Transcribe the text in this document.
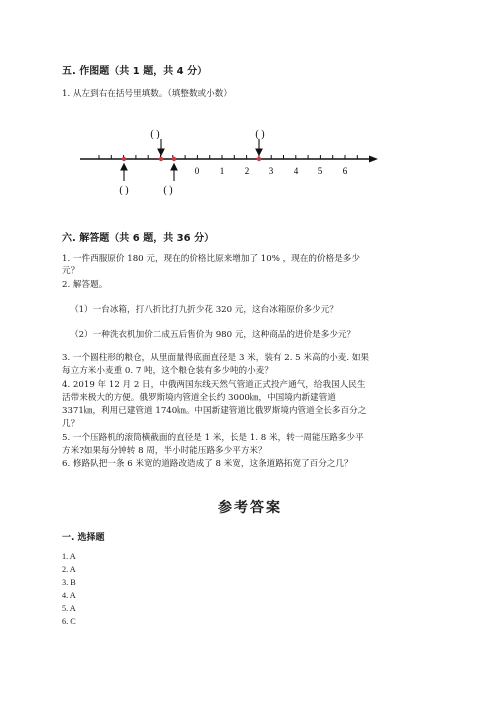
五. 作图题（共 1 题，共 4 分）
1. 从左到右在括号里填数。（填整数或小数）
0 1 2 3 4 5 6
( )	( )
( )	( )
六. 解答题（共 6 题，共 36 分）
1. 一件西服原价 180 元，现在的价格比原来增加了 10% ，现在的价格是多少
元？
2. 解答题。
（1）一台冰箱，打八折比打九折少花 320 元，这台冰箱原价多少元？
（2）一种洗衣机加价二成五后售价为 980 元，这种商品的进价是多少元？
3. 一个圆柱形的粮仓，从里面量得底面直径是 3 米，装有 2. 5 米高的小麦. 如果
每立方米小麦重 0. 7 吨，这个粮仓装有多少吨的小麦？
4. 2019 年 12 月 2 日，中俄两国东线天然气管道正式投产通气，给我国人民生
活带来极大的方便。俄罗斯境内管道全长约 3000㎞，中国境内新建管道
3371㎞，利用已建管道 1740㎞。中国新建管道比俄罗斯境内管道全长多百分之
几？
5. 一个压路机的滚筒横截面的直径是 1 米，长是 1. 8 米，转一周能压路多少平
方米?如果每分钟转 8 周，半小时能压路多少平方米？
6. 修路队把一条 6 米宽的道路改造成了 8 米宽，这条道路拓宽了百分之几？
参考答案
一. 选择题
1. A
2. A
3. B
4. A
5. A
6. C
